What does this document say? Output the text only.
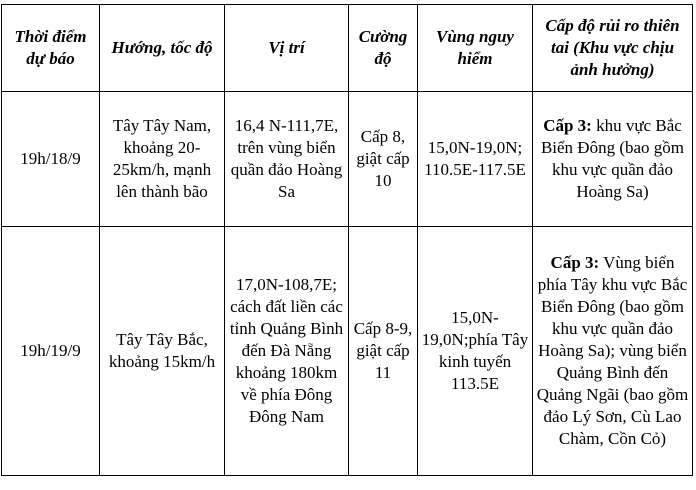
Thời điểm dự báo	Hướng, tốc độ	Vị trí	Cường độ	Vùng nguy hiểm	Cấp độ rủi ro thiên tai (Khu vực chịu ảnh hưởng)
19h/18/9	Tây Tây Nam, khoảng 20-25km/h, mạnh lên thành bão	16,4 N-111,7E, trên vùng biển quần đảo Hoàng Sa	Cấp 8, giật cấp 10	15,0N-19,0N; 110.5E-117.5E	Cấp 3: khu vực Bắc Biển Đông (bao gồm khu vực quần đảo Hoàng Sa)
19h/19/9	Tây Tây Bắc, khoảng 15km/h	17,0N-108,7E; cách đất liền các tỉnh Quảng Bình đến Đà Nẵng khoảng 180km về phía Đông Đông Nam	Cấp 8-9, giật cấp 11	15,0N-19,0N;phía Tây kinh tuyến 113.5E	Cấp 3: Vùng biển phía Tây khu vực Bắc Biển Đông (bao gồm khu vực quần đảo Hoàng Sa); vùng biển Quảng Bình đến Quảng Ngãi (bao gồm đảo Lý Sơn, Cù Lao Chàm, Cồn Cỏ)
